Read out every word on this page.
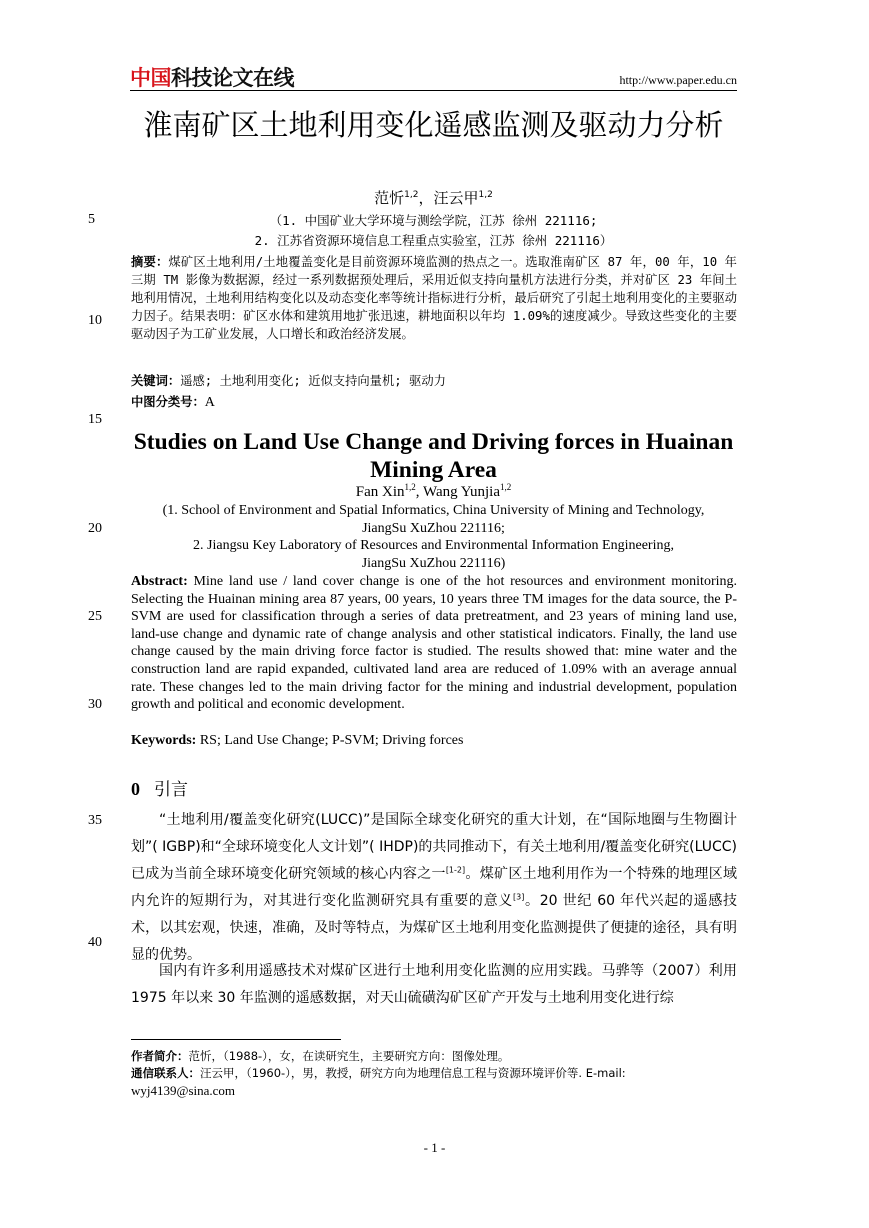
中国科技论文在线	http://www.paper.edu.cn
淮南矿区土地利用变化遥感监测及驱动力分析
范忻$^{1,2}$，汪云甲$^{1,2}$
5
10
15
20
25
30
35
40
（1. 中国矿业大学环境与测绘学院，江苏 徐州 221116;
2. 江苏省资源环境信息工程重点实验室，江苏 徐州 221116）
摘要：煤矿区土地利用/土地覆盖变化是目前资源环境监测的热点之一。选取淮南矿区 87 年，00 年，10 年三期 TM 影像为数据源，经过一系列数据预处理后，采用近似支持向量机方法进行分类，并对矿区 23 年间土地利用情况，土地利用结构变化以及动态变化率等统计指标进行分析，最后研究了引起土地利用变化的主要驱动力因子。结果表明：矿区水体和建筑用地扩张迅速，耕地面积以年均 1.09%的速度减少。导致这些变化的主要驱动因子为工矿业发展，人口增长和政治经济发展。
关键词：遥感; 土地利用变化; 近似支持向量机; 驱动力
中图分类号：A
Studies on Land Use Change and Driving forces in Huainan Mining Area
Fan Xin$^{1,2}$, Wang Yunjia$^{1,2}$
(1. School of Environment and Spatial Informatics, China University of Mining and Technology,
JiangSu XuZhou 221116;
2. Jiangsu Key Laboratory of Resources and Environmental Information Engineering,
JiangSu XuZhou 221116)
Abstract: Mine land use / land cover change is one of the hot resources and environment monitoring. Selecting the Huainan mining area 87 years, 00 years, 10 years three TM images for the data source, the P-SVM are used for classification through a series of data pretreatment, and 23 years of mining land use, land-use change and dynamic rate of change analysis and other statistical indicators. Finally, the land use change caused by the main driving force factor is studied. The results showed that: mine water and the construction land are rapid expanded, cultivated land area are reduced of 1.09% with an average annual rate. These changes led to the main driving factor for the mining and industrial development, population growth and political and economic development.
Keywords: RS; Land Use Change; P-SVM; Driving forces
0 引言
“土地利用/覆盖变化研究(LUCC)”是国际全球变化研究的重大计划，在“国际地圈与生物圈计划”( IGBP)和“全球环境变化人文计划”( IHDP)的共同推动下，有关土地利用/覆盖变化研究(LUCC)已成为当前全球环境变化研究领域的核心内容之一[1-2]。煤矿区土地利用作为一个特殊的地理区域内允许的短期行为，对其进行变化监测研究具有重要的意义[3]。20 世纪 60 年代兴起的遥感技术，以其宏观，快速，准确，及时等特点，为煤矿区土地利用变化监测提供了便捷的途径，具有明显的优势。
国内有许多利用遥感技术对煤矿区进行土地利用变化监测的应用实践。马骅等（2007）利用 1975 年以来 30 年监测的遥感数据，对天山硫磺沟矿区矿产开发与土地利用变化进行综
作者简介：范忻，（1988-），女，在读研究生，主要研究方向：图像处理。
通信联系人：汪云甲，（1960-），男，教授，研究方向为地理信息工程与资源环境评价等. E-mail:
wyj4139@sina.com
- 1 -
